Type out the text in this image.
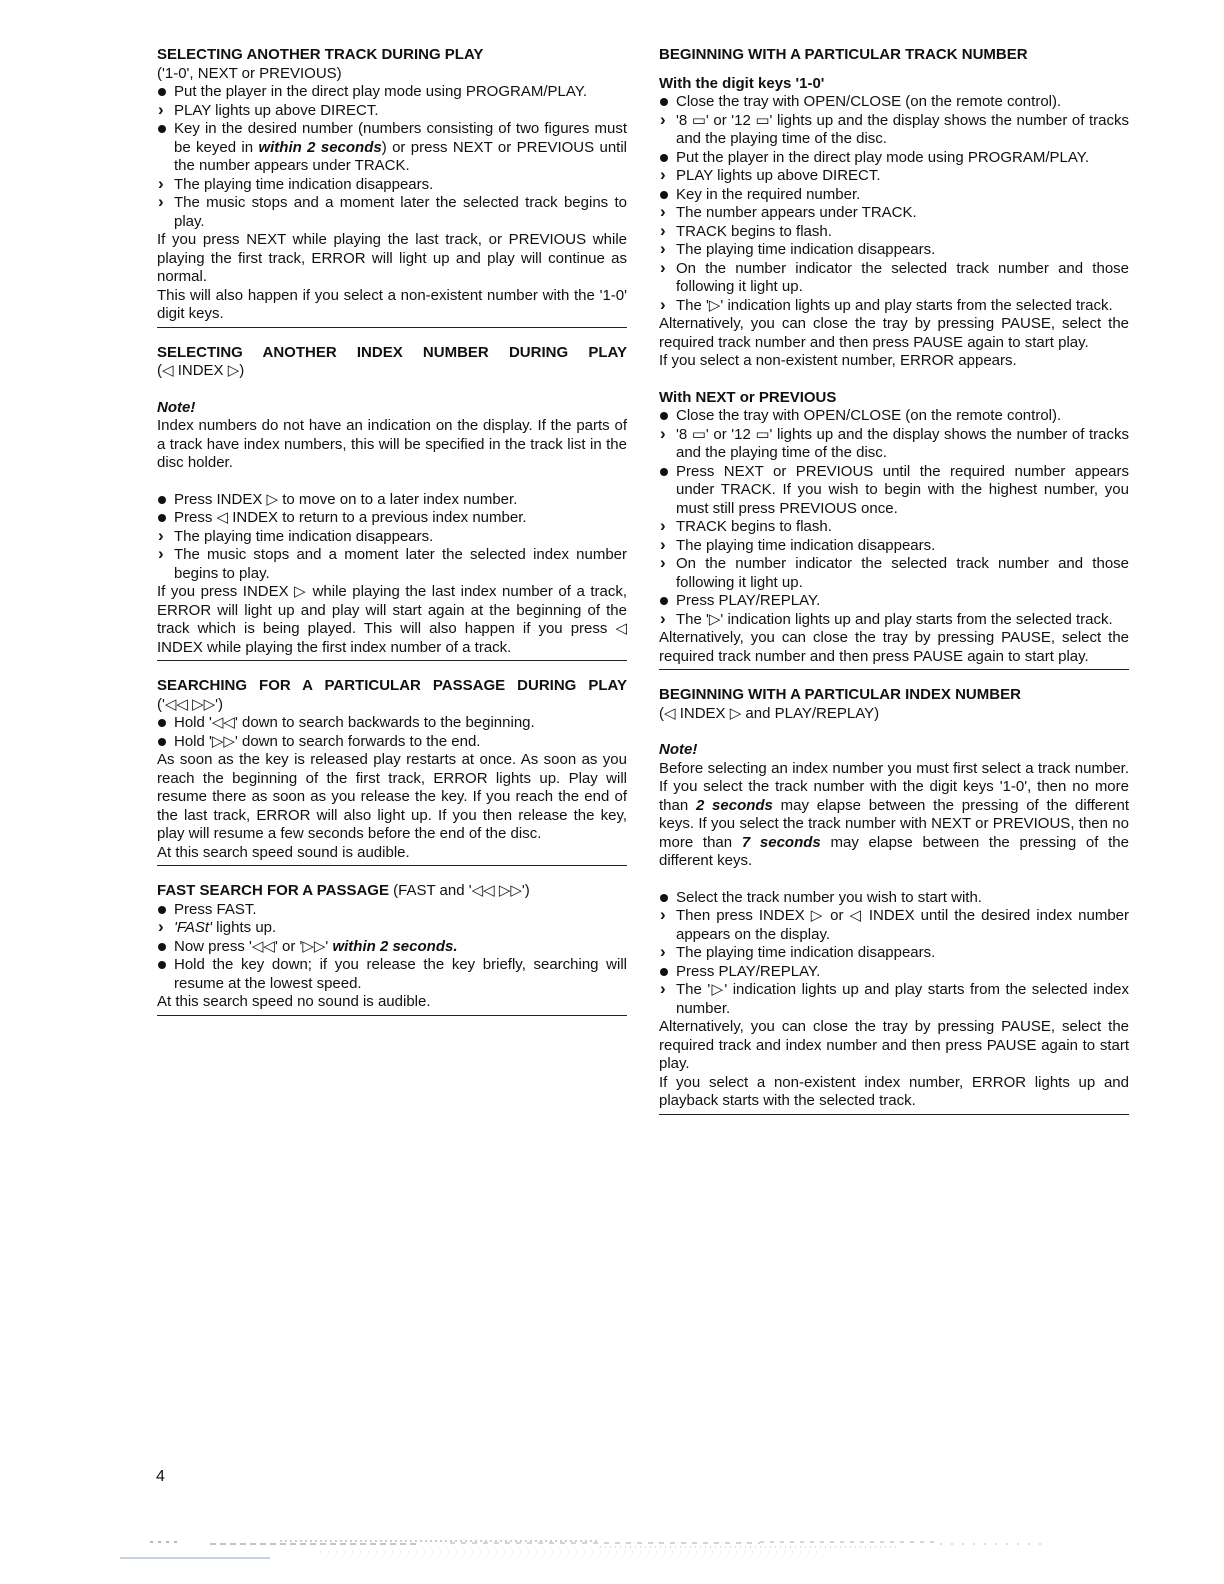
SELECTING ANOTHER TRACK DURING PLAY

('1-0', NEXT or PREVIOUS)

Put the player in the direct play mode using PROGRAM/PLAY.
PLAY lights up above DIRECT.
Key in the desired number (numbers consisting of two figures must be keyed in within 2 seconds) or press NEXT or PREVIOUS until the number appears under TRACK.
The playing time indication disappears.
The music stops and a moment later the selected track begins to play.

If you press NEXT while playing the last track, or PREVIOUS while playing the first track, ERROR will light up and play will continue as normal.

This will also happen if you select a non-existent number with the '1-0' digit keys.

SELECTING ANOTHER INDEX NUMBER DURING PLAY

(◁ INDEX ▷)

Note!

Index numbers do not have an indication on the display. If the parts of a track have index numbers, this will be specified in the track list in the disc holder.

Press INDEX ▷ to move on to a later index number.
Press ◁ INDEX to return to a previous index number.
The playing time indication disappears.
The music stops and a moment later the selected index number begins to play.

If you press INDEX ▷ while playing the last index number of a track, ERROR will light up and play will start again at the beginning of the track which is being played. This will also happen if you press ◁ INDEX while playing the first index number of a track.

SEARCHING FOR A PARTICULAR PASSAGE DURING PLAY

('◁◁ ▷▷')

Hold '◁◁' down to search backwards to the beginning.
Hold '▷▷' down to search forwards to the end.

As soon as the key is released play restarts at once. As soon as you reach the beginning of the first track, ERROR lights up. Play will resume there as soon as you release the key. If you reach the end of the last track, ERROR will also light up. If you then release the key, play will resume a few seconds before the end of the disc.

At this search speed sound is audible.

FAST SEARCH FOR A PASSAGE (FAST and '◁◁ ▷▷')

Press FAST.
'FASt' lights up.
Now press '◁◁' or '▷▷' within 2 seconds.
Hold the key down; if you release the key briefly, searching will resume at the lowest speed.

At this search speed no sound is audible.

BEGINNING WITH A PARTICULAR TRACK NUMBER

With the digit keys '1-0'

Close the tray with OPEN/CLOSE (on the remote control).
'8 ▭' or '12 ▭' lights up and the display shows the number of tracks and the playing time of the disc.
Put the player in the direct play mode using PROGRAM/PLAY.
PLAY lights up above DIRECT.
Key in the required number.
The number appears under TRACK.
TRACK begins to flash.
The playing time indication disappears.
On the number indicator the selected track number and those following it light up.
The '▷' indication lights up and play starts from the selected track.

Alternatively, you can close the tray by pressing PAUSE, select the required track number and then press PAUSE again to start play.

If you select a non-existent number, ERROR appears.

With NEXT or PREVIOUS

Close the tray with OPEN/CLOSE (on the remote control).
'8 ▭' or '12 ▭' lights up and the display shows the number of tracks and the playing time of the disc.
Press NEXT or PREVIOUS until the required number appears under TRACK. If you wish to begin with the highest number, you must still press PREVIOUS once.
TRACK begins to flash.
The playing time indication disappears.
On the number indicator the selected track number and those following it light up.
Press PLAY/REPLAY.
The '▷' indication lights up and play starts from the selected track.

Alternatively, you can close the tray by pressing PAUSE, select the required track number and then press PAUSE again to start play.

BEGINNING WITH A PARTICULAR INDEX NUMBER

(◁ INDEX ▷ and PLAY/REPLAY)

Note!

Before selecting an index number you must first select a track number. If you select the track number with the digit keys '1-0', then no more than 2 seconds may elapse between the pressing of the different keys. If you select the track number with NEXT or PREVIOUS, then no more than 7 seconds may elapse between the pressing of the different keys.

Select the track number you wish to start with.
Then press INDEX ▷ or ◁ INDEX until the desired index number appears on the display.
The playing time indication disappears.
Press PLAY/REPLAY.
The '▷' indication lights up and play starts from the selected index number.

Alternatively, you can close the tray by pressing PAUSE, select the required track and index number and then press PAUSE again to start play.

If you select a non-existent index number, ERROR lights up and playback starts with the selected track.

4
